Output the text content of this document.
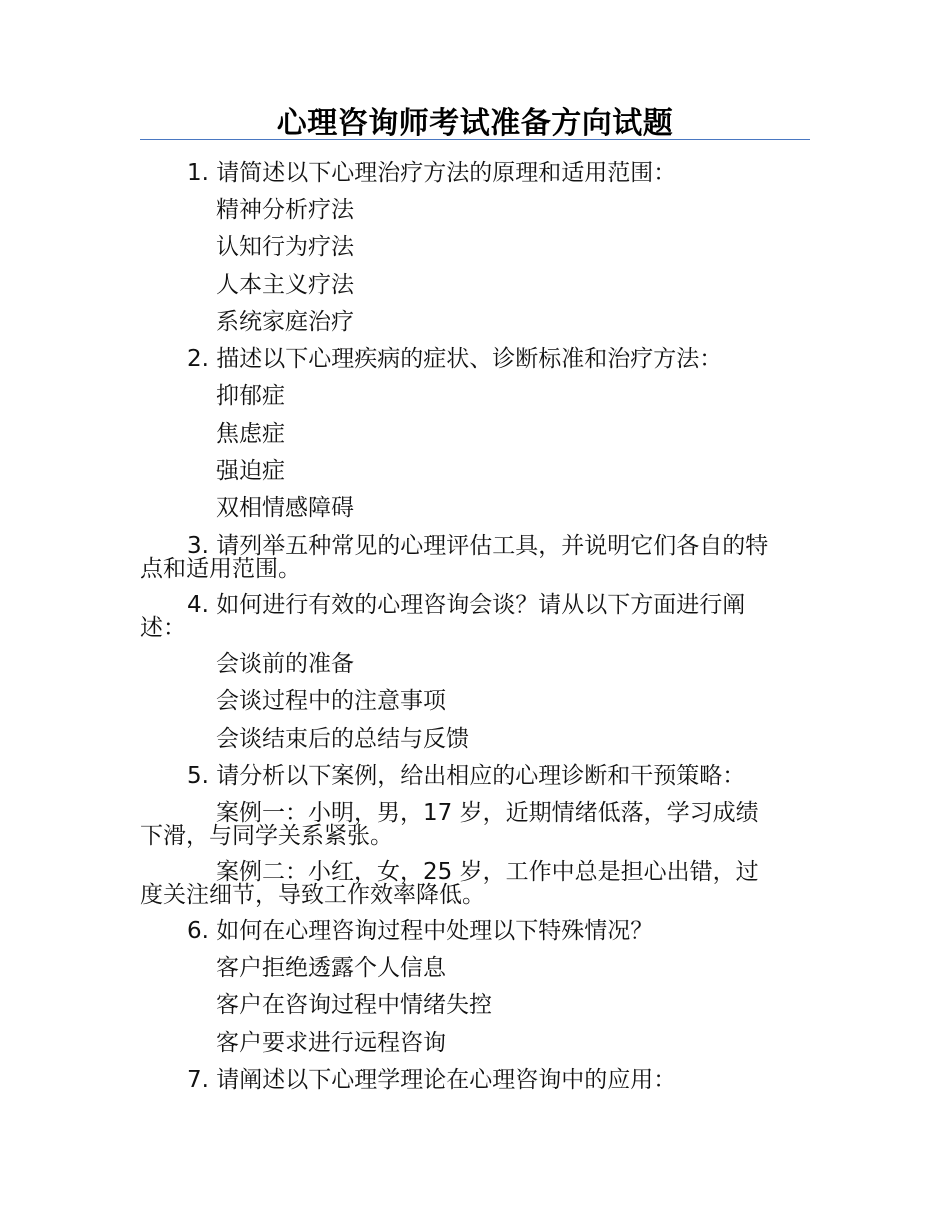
心理咨询师考试准备方向试题
1. 请简述以下心理治疗方法的原理和适用范围：
精神分析疗法
认知行为疗法
人本主义疗法
系统家庭治疗
2. 描述以下心理疾病的症状、诊断标准和治疗方法：
抑郁症
焦虑症
强迫症
双相情感障碍
3. 请列举五种常见的心理评估工具，并说明它们各自的特
点和适用范围。
4. 如何进行有效的心理咨询会谈？请从以下方面进行阐
述：
会谈前的准备
会谈过程中的注意事项
会谈结束后的总结与反馈
5. 请分析以下案例，给出相应的心理诊断和干预策略：
案例一：小明，男，17 岁，近期情绪低落，学习成绩
下滑，与同学关系紧张。
案例二：小红，女，25 岁，工作中总是担心出错，过
度关注细节，导致工作效率降低。
6. 如何在心理咨询过程中处理以下特殊情况？
客户拒绝透露个人信息
客户在咨询过程中情绪失控
客户要求进行远程咨询
7. 请阐述以下心理学理论在心理咨询中的应用：
